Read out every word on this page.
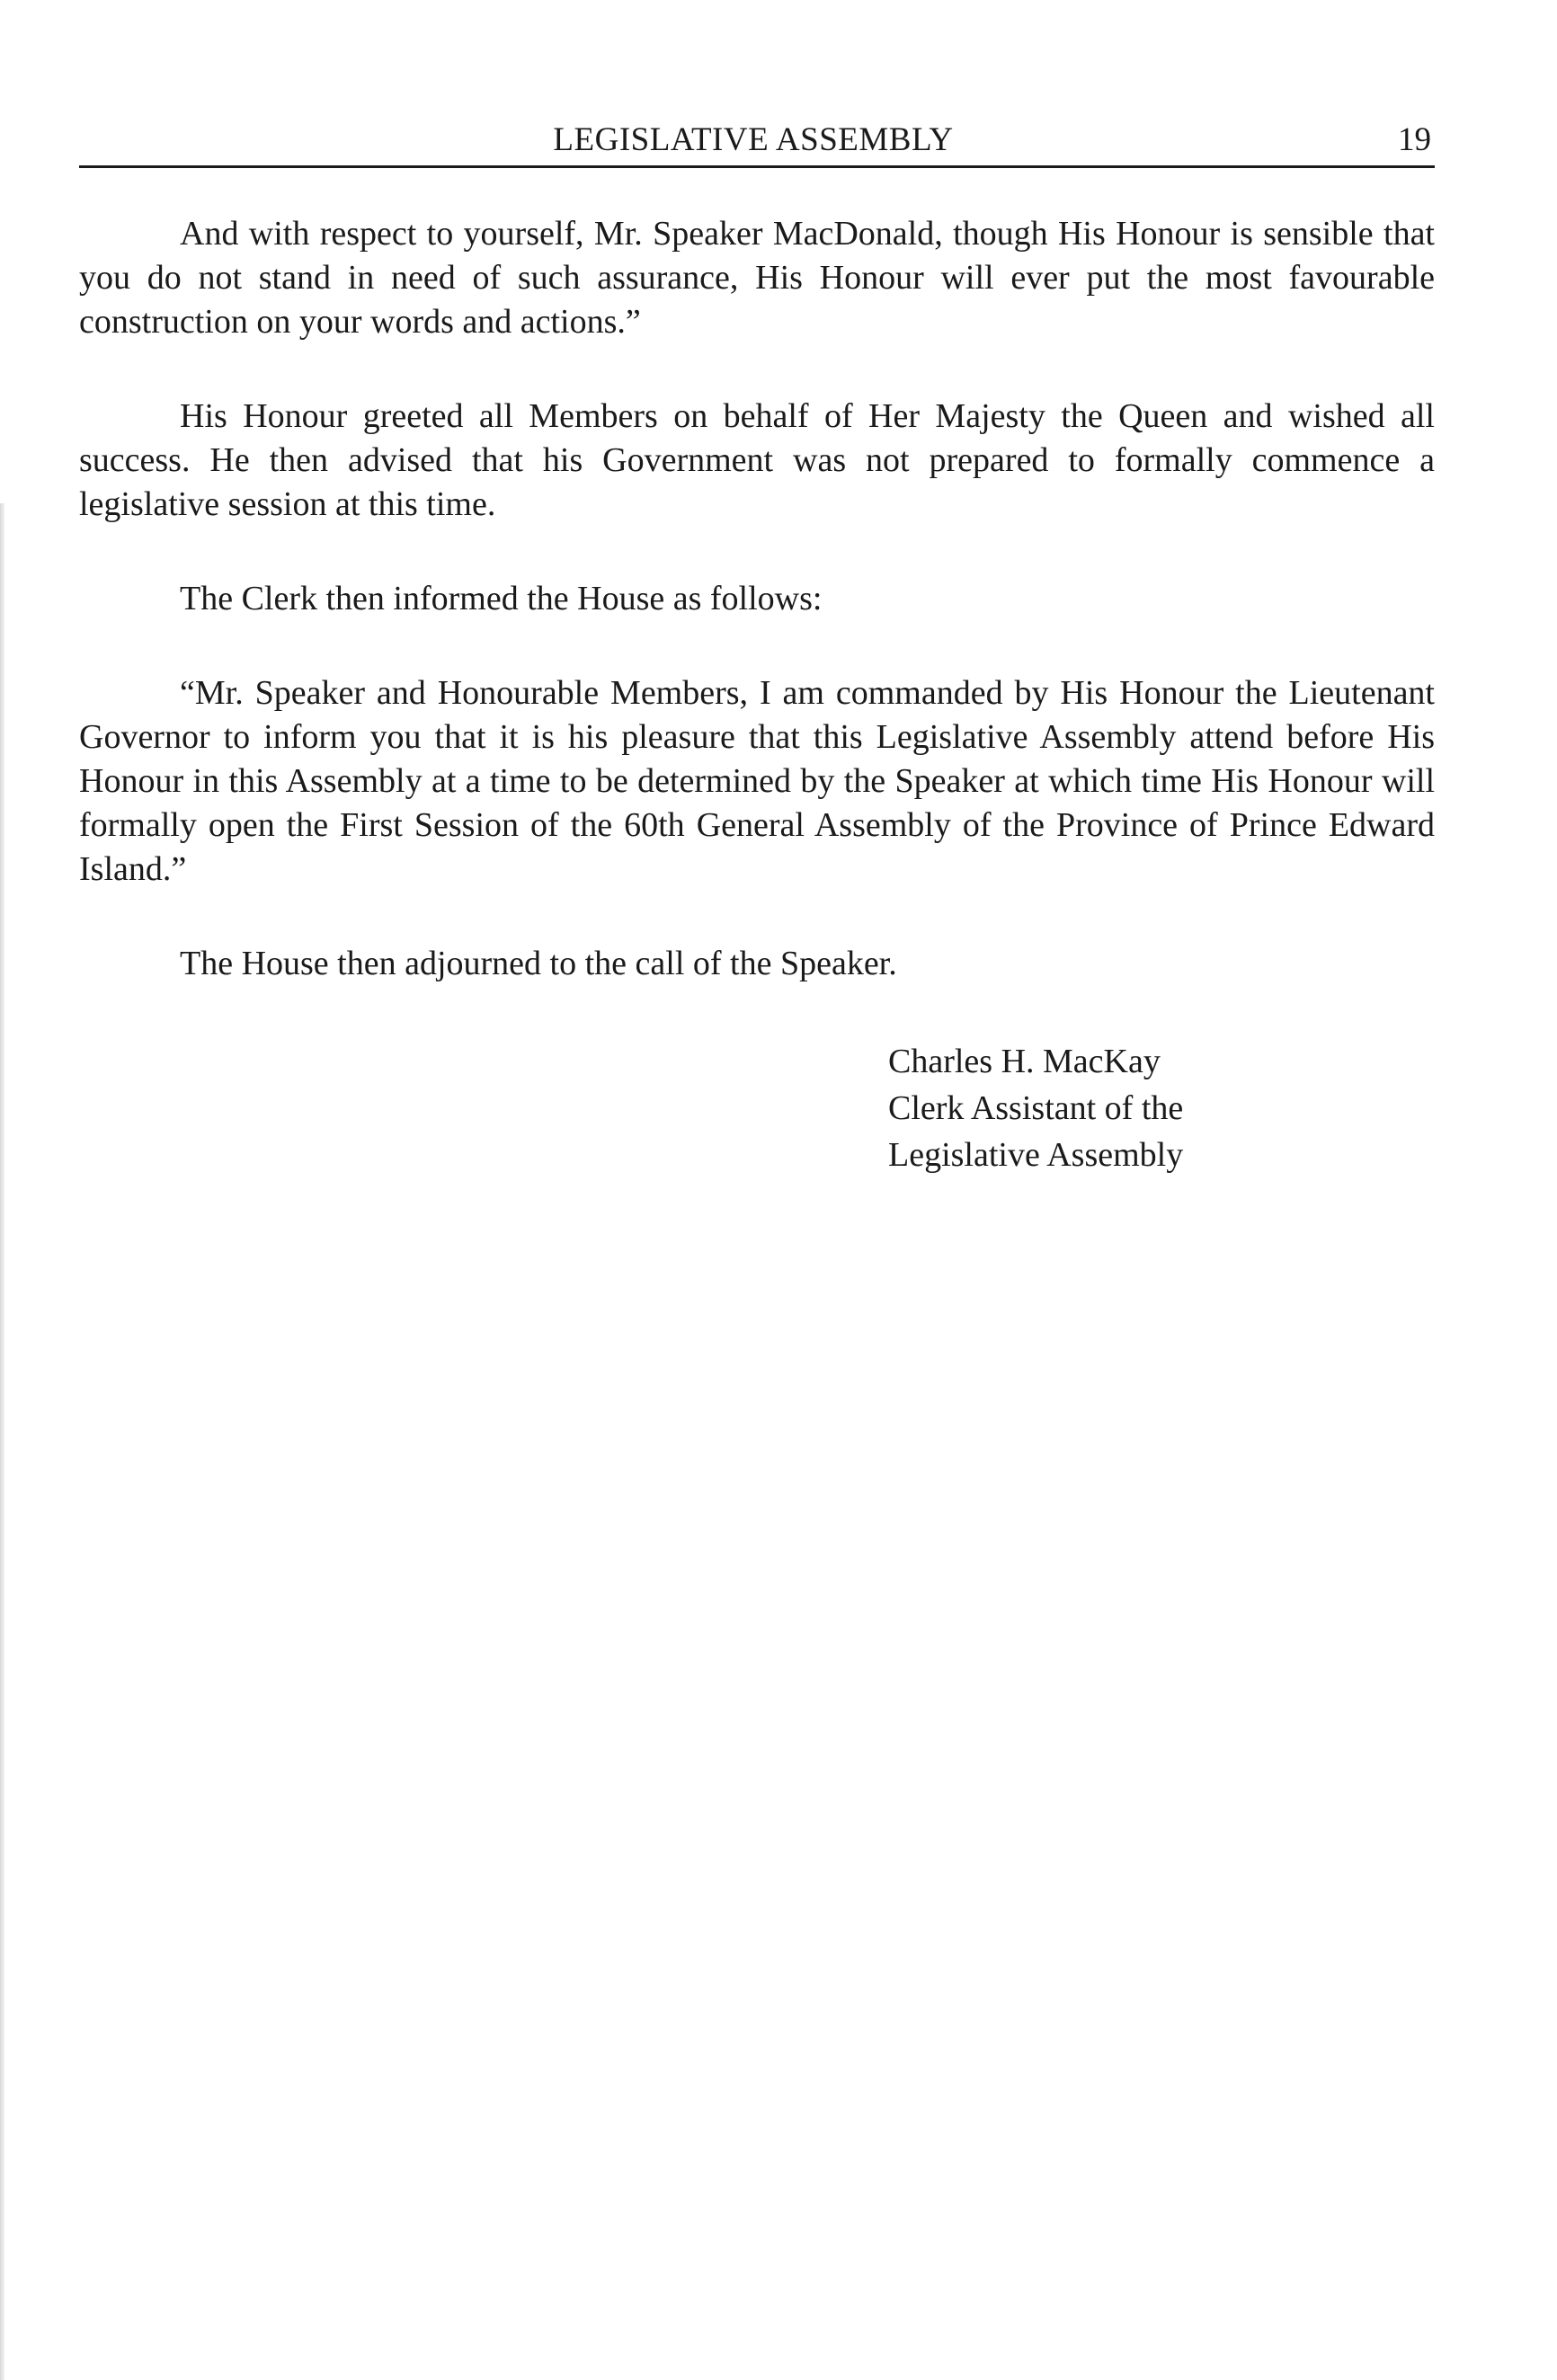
LEGISLATIVE ASSEMBLY	19

And with respect to yourself, Mr. Speaker MacDonald, though His Honour is sensible that you do not stand in need of such assurance, His Honour will ever put the most favourable construction on your words and actions.”

His Honour greeted all Members on behalf of Her Majesty the Queen and wished all success. He then advised that his Government was not prepared to formally commence a legislative session at this time.

The Clerk then informed the House as follows:

“Mr. Speaker and Honourable Members, I am commanded by His Honour the Lieutenant Governor to inform you that it is his pleasure that this Legislative Assembly attend before His Honour in this Assembly at a time to be determined by the Speaker at which time His Honour will formally open the First Session of the 60th General Assembly of the Province of Prince Edward Island.”

The House then adjourned to the call of the Speaker.

Charles H. MacKay
Clerk Assistant of the
Legislative Assembly
